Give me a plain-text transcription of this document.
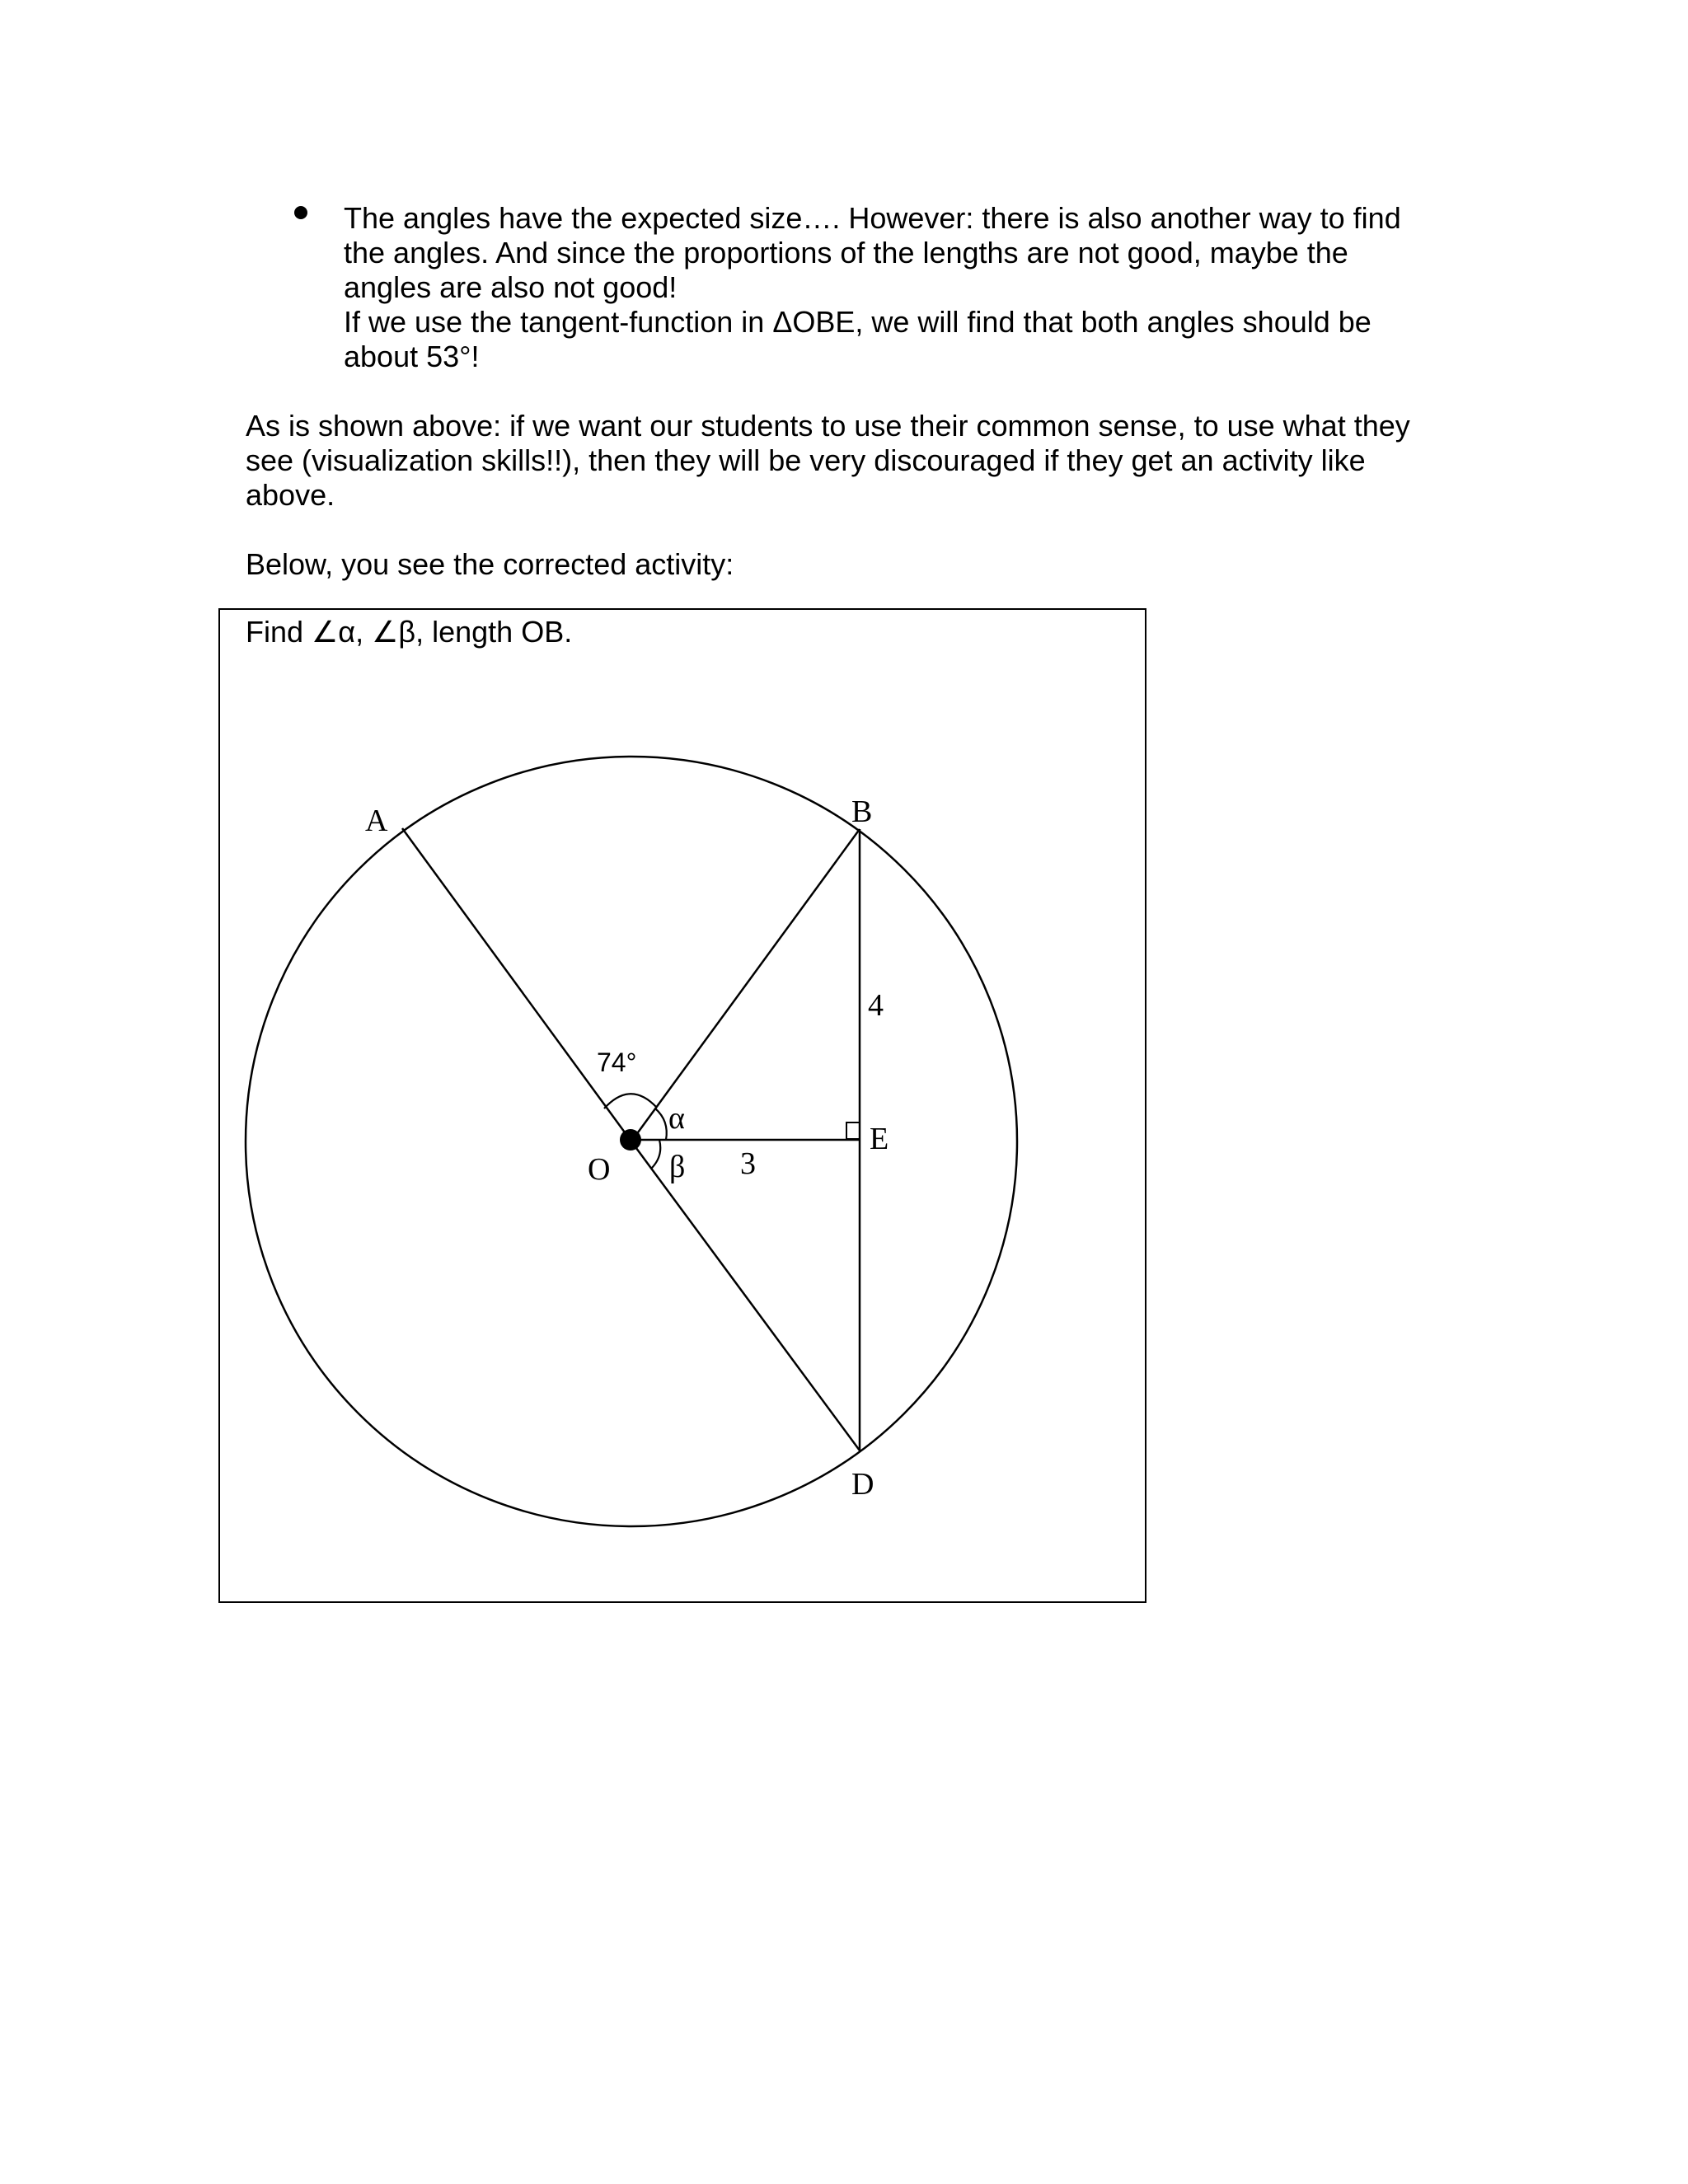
The angles have the expected size…. However: there is also another way to find
the angles. And since the proportions of the lengths are not good, maybe the
angles are also not good!
If we use the tangent-function in ΔOBE, we will find that both angles should be
about 53°!

As is shown above: if we want our students to use their common sense, to use what they
see (visualization skills!!), then they will be very discouraged if they get an activity like
above.

Below, you see the corrected activity:

Find ∠α, ∠β, length OB.
A	B
D
E
O
α
β
4
3
74°
